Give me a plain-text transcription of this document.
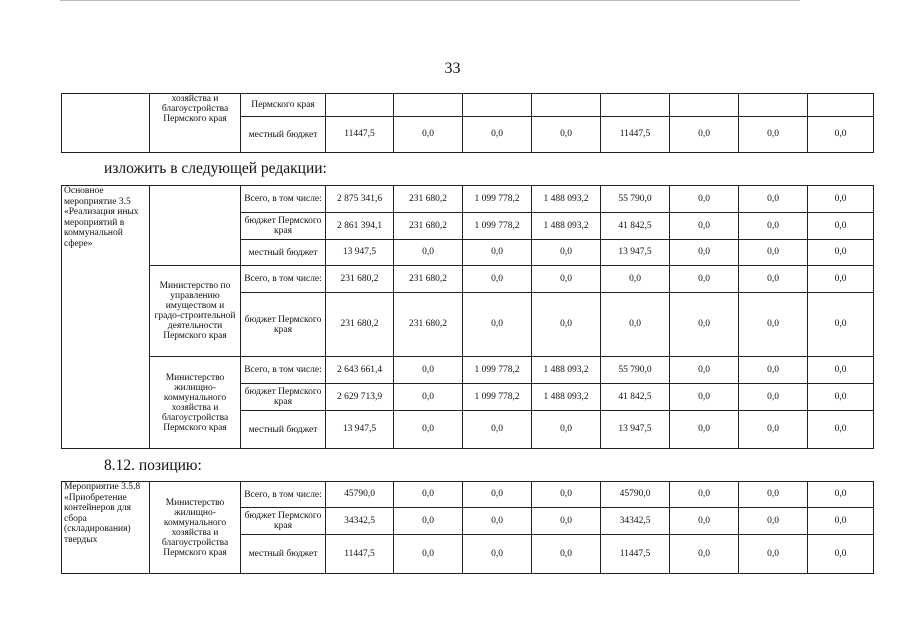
33
	хозяйства и благоустройства Пермского края	Пермского края								
		местный бюджет	11447,5	0,0	0,0	0,0	11447,5	0,0	0,0	0,0
изложить в следующей редакции:
Основное мероприятие 3.5 «Реализация иных мероприятий в коммунальной сфере»		Всего, в том числе:	2 875 341,6	231 680,2	1 099 778,2	1 488 093,2	55 790,0	0,0	0,0	0,0
		бюджет Пермского края	2 861 394,1	231 680,2	1 099 778,2	1 488 093,2	41 842,5	0,0	0,0	0,0
		местный бюджет	13 947,5	0,0	0,0	0,0	13 947,5	0,0	0,0	0,0
	Министерство по управлению имуществом и градо-строительной деятельности Пермского края	Всего, в том числе:	231 680,2	231 680,2	0,0	0,0	0,0	0,0	0,0	0,0
		бюджет Пермского края	231 680,2	231 680,2	0,0	0,0	0,0	0,0	0,0	0,0
	Министерство жилищно-коммунального хозяйства и благоустройства Пермского края	Всего, в том числе:	2 643 661,4	0,0	1 099 778,2	1 488 093,2	55 790,0	0,0	0,0	0,0
		бюджет Пермского края	2 629 713,9	0,0	1 099 778,2	1 488 093,2	41 842,5	0,0	0,0	0,0
		местный бюджет	13 947,5	0,0	0,0	0,0	13 947,5	0,0	0,0	0,0
8.12. позицию:
Мероприятие 3.5.8 «Приобретение контейнеров для сбора (складирования) твердых	Министерство жилищно-коммунального хозяйства и благоустройства Пермского края	Всего, в том числе:	45790,0	0,0	0,0	0,0	45790,0	0,0	0,0	0,0
		бюджет Пермского края	34342,5	0,0	0,0	0,0	34342,5	0,0	0,0	0,0
		местный бюджет	11447,5	0,0	0,0	0,0	11447,5	0,0	0,0	0,0
